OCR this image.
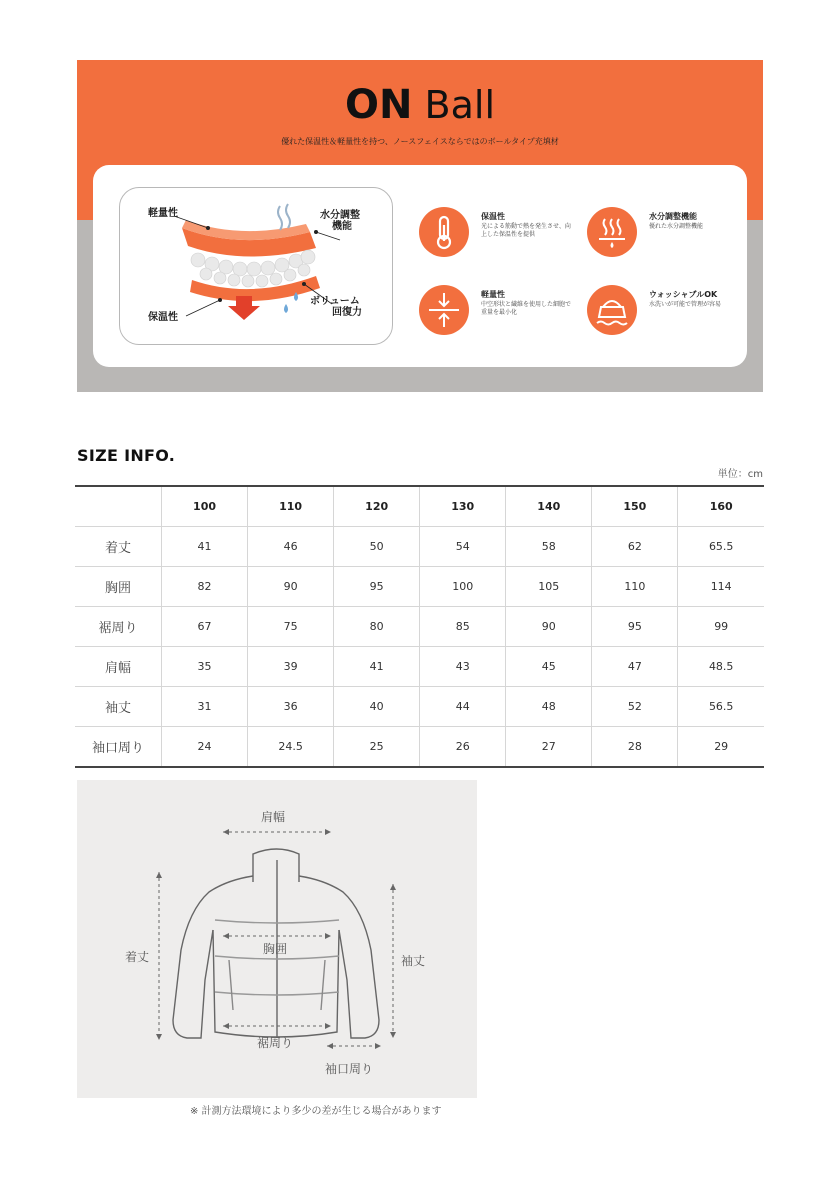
ON Ball
優れた保温性＆軽量性を持つ、ノースフェイスならではのボールタイプ充填材
軽量性	水分調整
機能
保温性
ボリューム
回復力
保温性
光による筋動で熱を発生させ、向上した保温性を提供
水分調整機能
優れた水分調整機能
軽量性
中空形状と繊維を使用した細胞で重量を最小化
ウォッシャブルOK
水洗いが可能で管理が容易
SIZE INFO.
単位：cm
	100	110	120	130	140	150	160
着丈	41	46	50	54	58	62	65.5
胸囲	82	90	95	100	105	110	114
裾周り	67	75	80	85	90	95	99
肩幅	35	39	41	43	45	47	48.5
袖丈	31	36	40	44	48	52	56.5
袖口周り	24	24.5	25	26	27	28	29
肩幅
着丈
胸囲
袖丈
裾周り
袖口周り
※ 計測方法環境により多少の差が生じる場合があります
